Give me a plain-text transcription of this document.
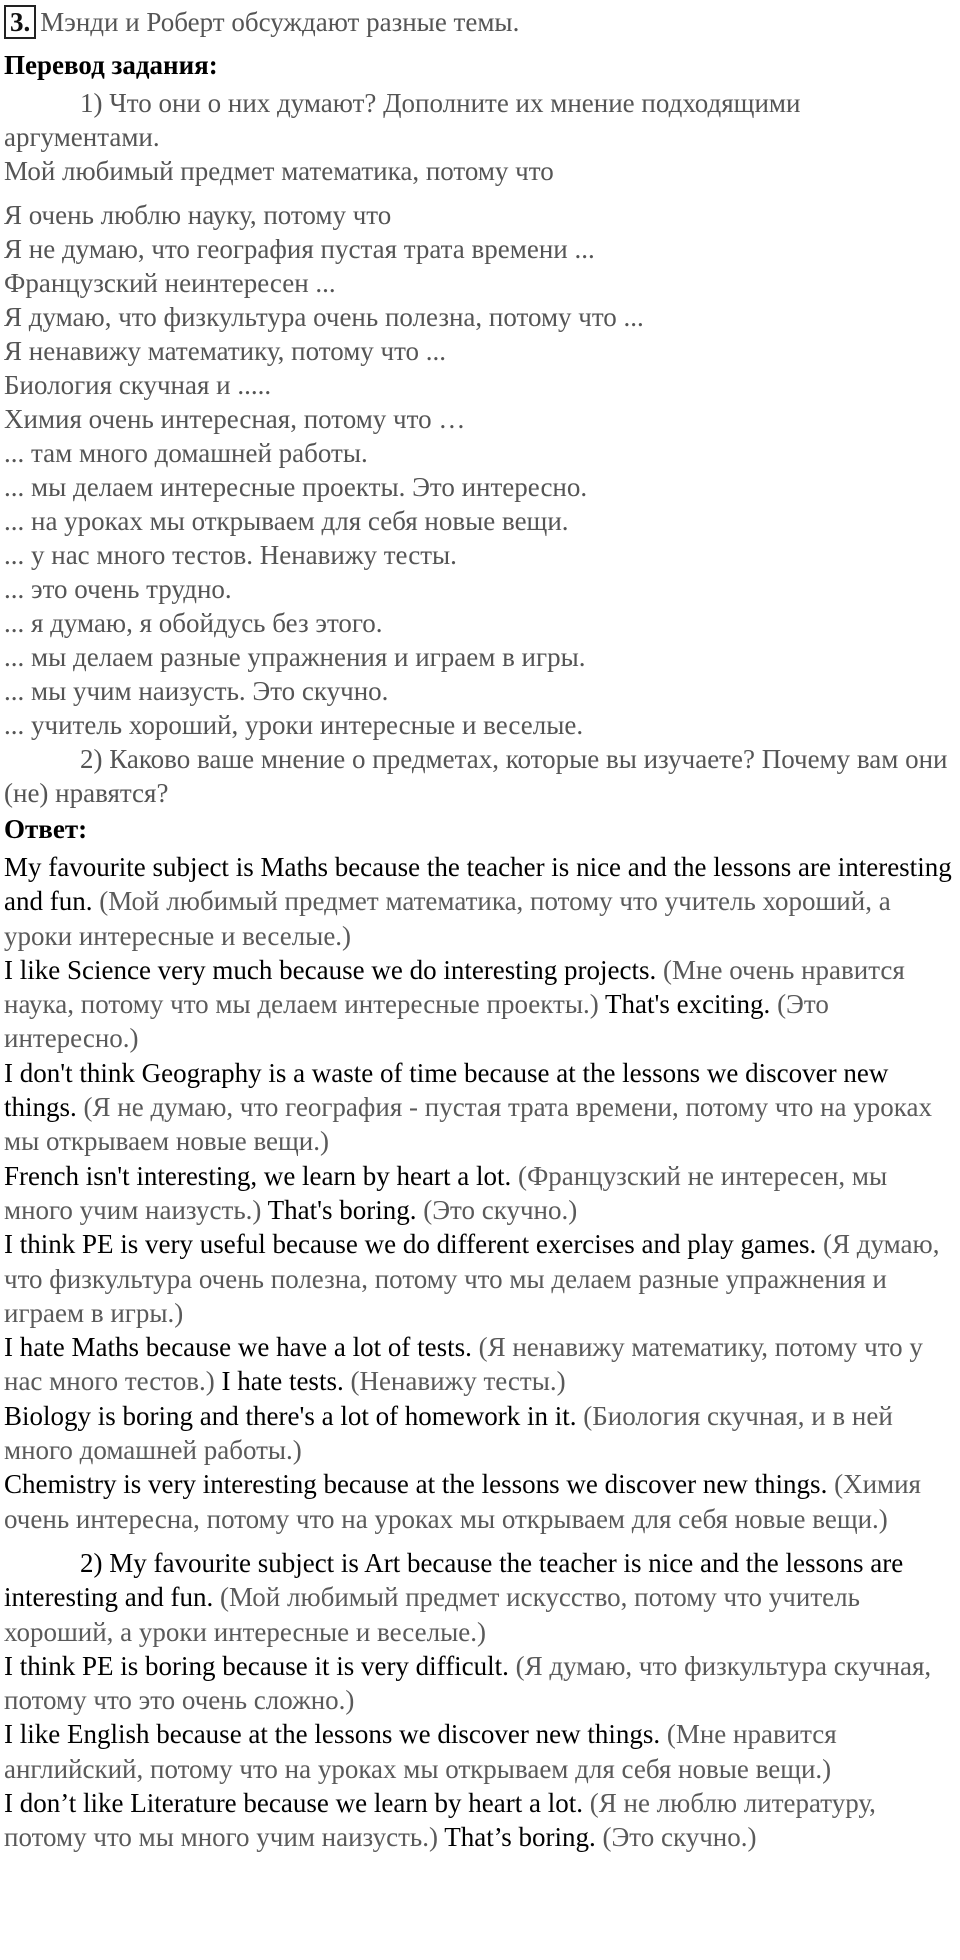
3. Мэнди и Роберт обсуждают разные темы.
Перевод задания:

1) Что они о них думают? Дополните их мнение подходящими аргументами.

Мой любимый предмет математика, потому что

Я очень люблю науку, потому что

Я не думаю, что география пустая трата времени ...

Французский неинтересен ...

Я думаю, что физкультура очень полезна, потому что ...

Я ненавижу математику, потому что ...

Биология скучная и .....

Химия очень интересная, потому что …

... там много домашней работы.

... мы делаем интересные проекты. Это интересно.

... на уроках мы открываем для себя новые вещи.

... у нас много тестов. Ненавижу тесты.

... это очень трудно.

... я думаю, я обойдусь без этого.

... мы делаем разные упражнения и играем в игры.

... мы учим наизусть. Это скучно.

... учитель хороший, уроки интересные и веселые.

2) Каково ваше мнение о предметах, которые вы изучаете? Почему вам они (не) нравятся?

Ответ:

My favourite subject is Maths because the teacher is nice and the lessons are interesting and fun. (Мой любимый предмет математика, потому что учитель хороший, а уроки интересные и веселые.)

I like Science very much because we do interesting projects. (Мне очень нравится наука, потому что мы делаем интересные проекты.) That's exciting. (Это интересно.)

I don't think Geography is a waste of time because at the lessons we discover new things. (Я не думаю, что география - пустая трата времени, потому что на уроках мы открываем новые вещи.)

French isn't interesting, we learn by heart a lot. (Французский не интересен, мы много учим наизусть.) That's boring. (Это скучно.)

I think PE is very useful because we do different exercises and play games. (Я думаю, что физкультура очень полезна, потому что мы делаем разные упражнения и играем в игры.)

I hate Maths because we have a lot of tests. (Я ненавижу математику, потому что у нас много тестов.) I hate tests. (Ненавижу тесты.)

Biology is boring and there's a lot of homework in it. (Биология скучная, и в ней много домашней работы.)

Chemistry is very interesting because at the lessons we discover new things. (Химия очень интересна, потому что на уроках мы открываем для себя новые вещи.)

2) My favourite subject is Art because the teacher is nice and the lessons are interesting and fun. (Мой любимый предмет искусство, потому что учитель хороший, а уроки интересные и веселые.)

I think PE is boring because it is very difficult. (Я думаю, что физкультура скучная, потому что это очень сложно.)

I like English because at the lessons we discover new things. (Мне нравится английский, потому что на уроках мы открываем для себя новые вещи.)

I don’t like Literature because we learn by heart a lot. (Я не люблю литературу, потому что мы много учим наизусть.) That’s boring. (Это скучно.)
